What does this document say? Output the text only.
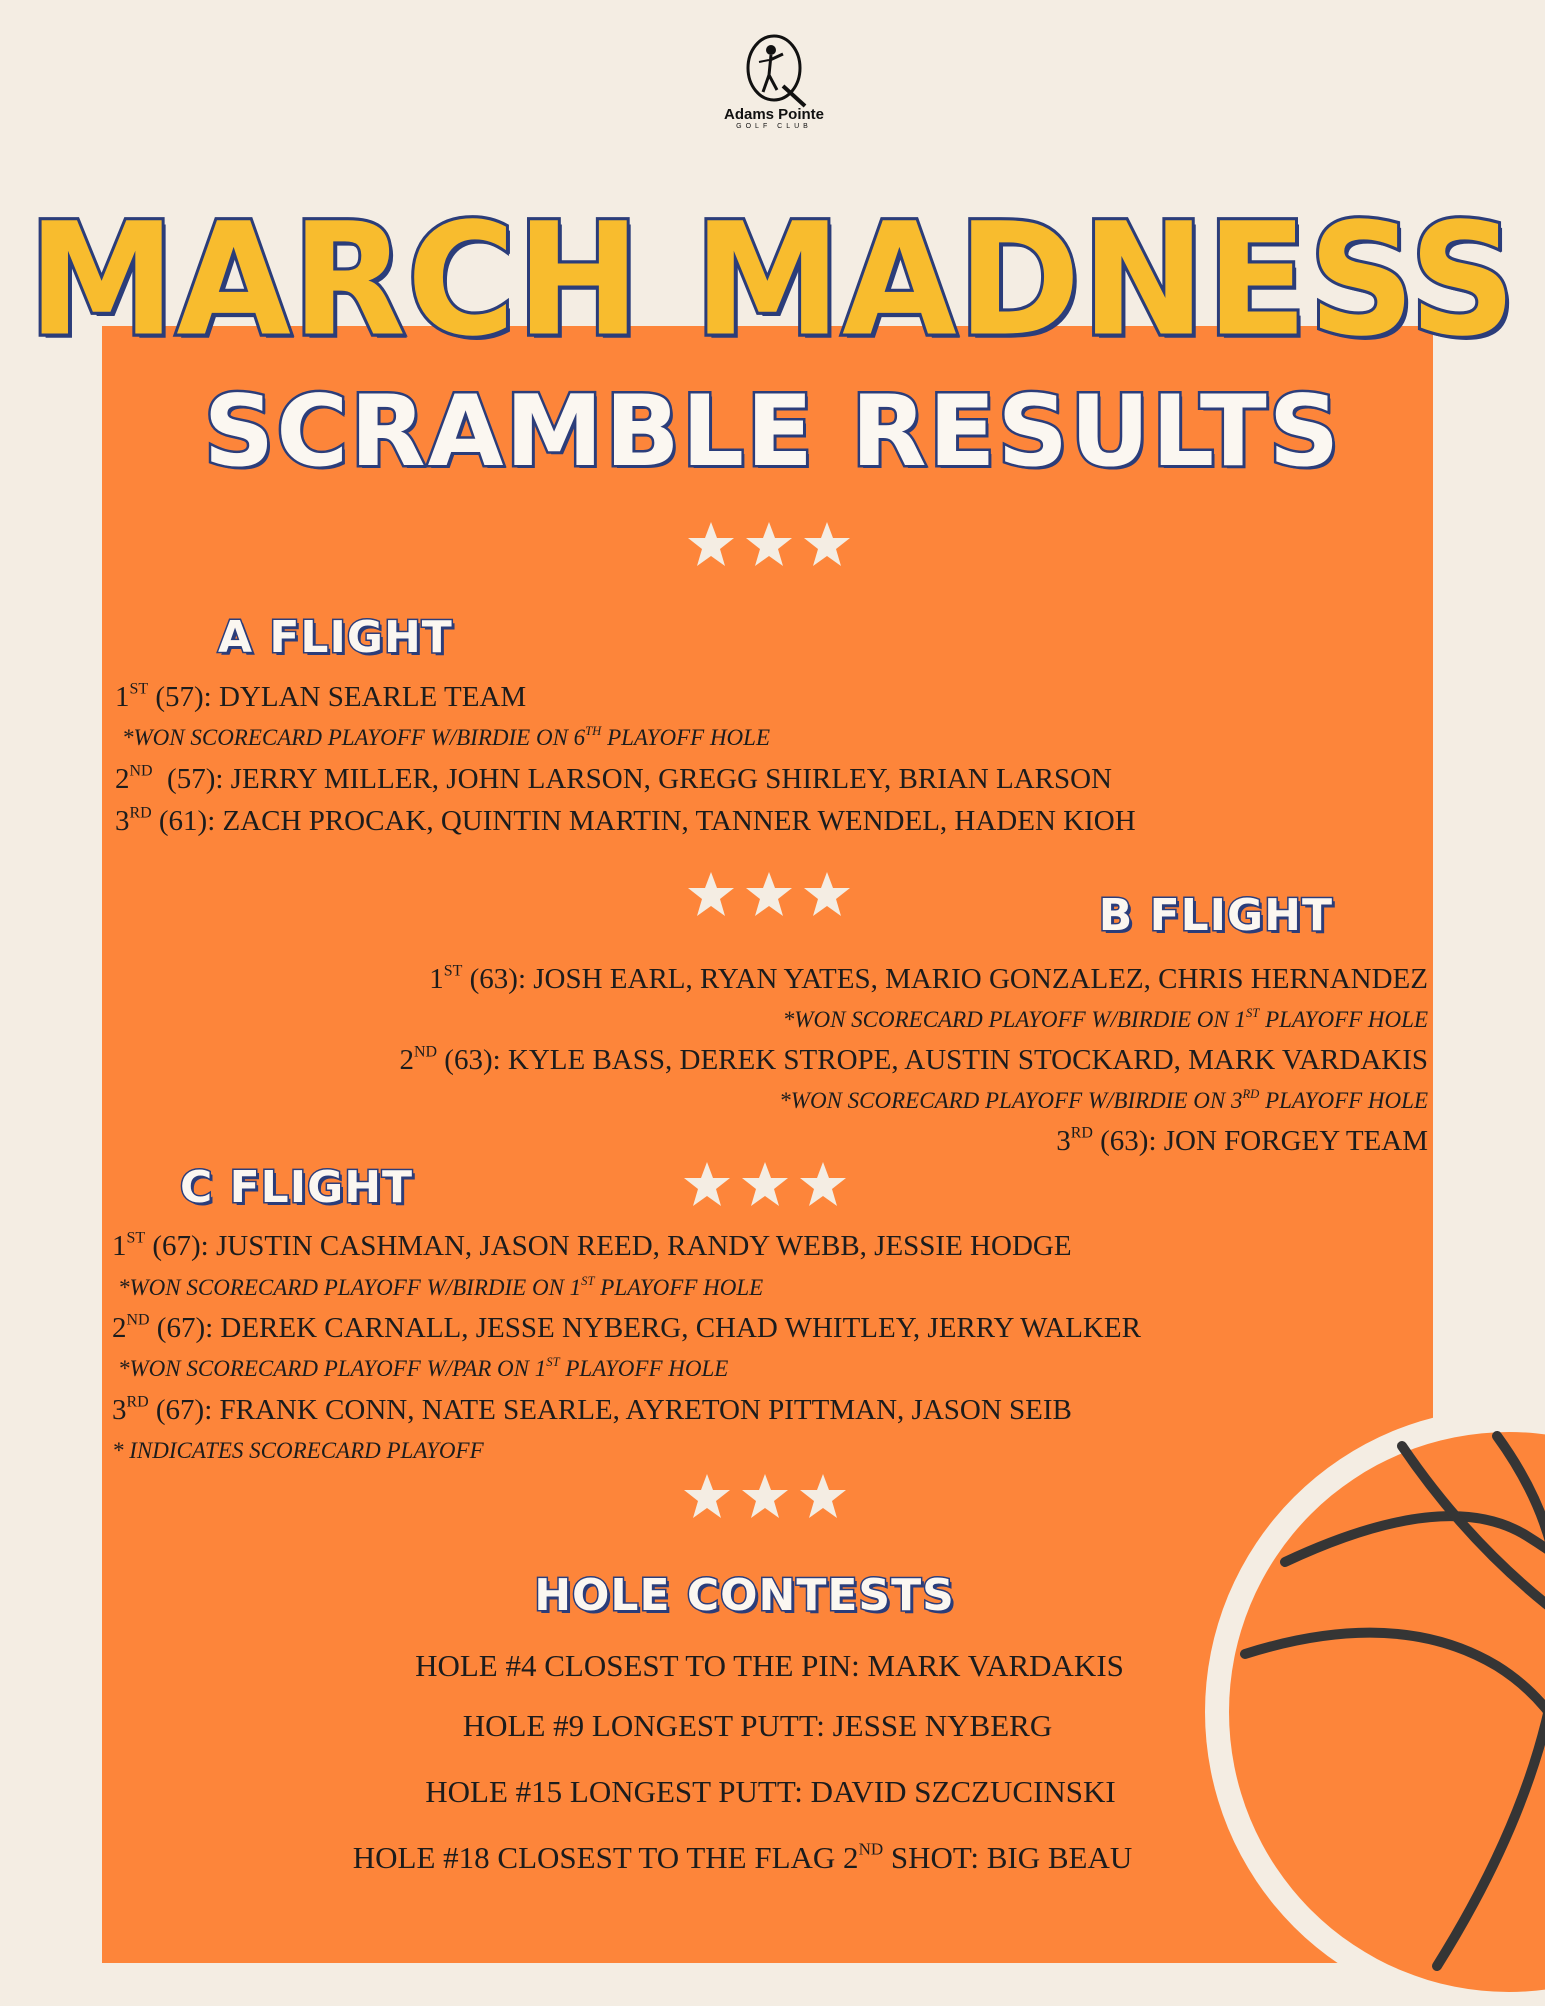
Adams Pointe
GOLF CLUB
MARCH MADNESS
SCRAMBLE RESULTS
A FLIGHT
1ST (57): DYLAN SEARLE TEAM
*WON SCORECARD PLAYOFF W/BIRDIE ON 6TH PLAYOFF HOLE
2ND  (57): JERRY MILLER, JOHN LARSON, GREGG SHIRLEY, BRIAN LARSON
3RD (61): ZACH PROCAK, QUINTIN MARTIN, TANNER WENDEL, HADEN KIOH
B FLIGHT
1ST (63): JOSH EARL, RYAN YATES, MARIO GONZALEZ, CHRIS HERNANDEZ
*WON SCORECARD PLAYOFF W/BIRDIE ON 1ST PLAYOFF HOLE
2ND (63): KYLE BASS, DEREK STROPE, AUSTIN STOCKARD, MARK VARDAKIS
*WON SCORECARD PLAYOFF W/BIRDIE ON 3RD PLAYOFF HOLE
3RD (63): JON FORGEY TEAM
C FLIGHT
1ST (67): JUSTIN CASHMAN, JASON REED, RANDY WEBB, JESSIE HODGE
*WON SCORECARD PLAYOFF W/BIRDIE ON 1ST PLAYOFF HOLE
2ND (67): DEREK CARNALL, JESSE NYBERG, CHAD WHITLEY, JERRY WALKER
*WON SCORECARD PLAYOFF W/PAR ON 1ST PLAYOFF HOLE
3RD (67): FRANK CONN, NATE SEARLE, AYRETON PITTMAN, JASON SEIB
* INDICATES SCORECARD PLAYOFF
HOLE CONTESTS
HOLE #4 CLOSEST TO THE PIN: MARK VARDAKIS
HOLE #9 LONGEST PUTT: JESSE NYBERG
HOLE #15 LONGEST PUTT: DAVID SZCZUCINSKI
HOLE #18 CLOSEST TO THE FLAG 2ND SHOT: BIG BEAU
